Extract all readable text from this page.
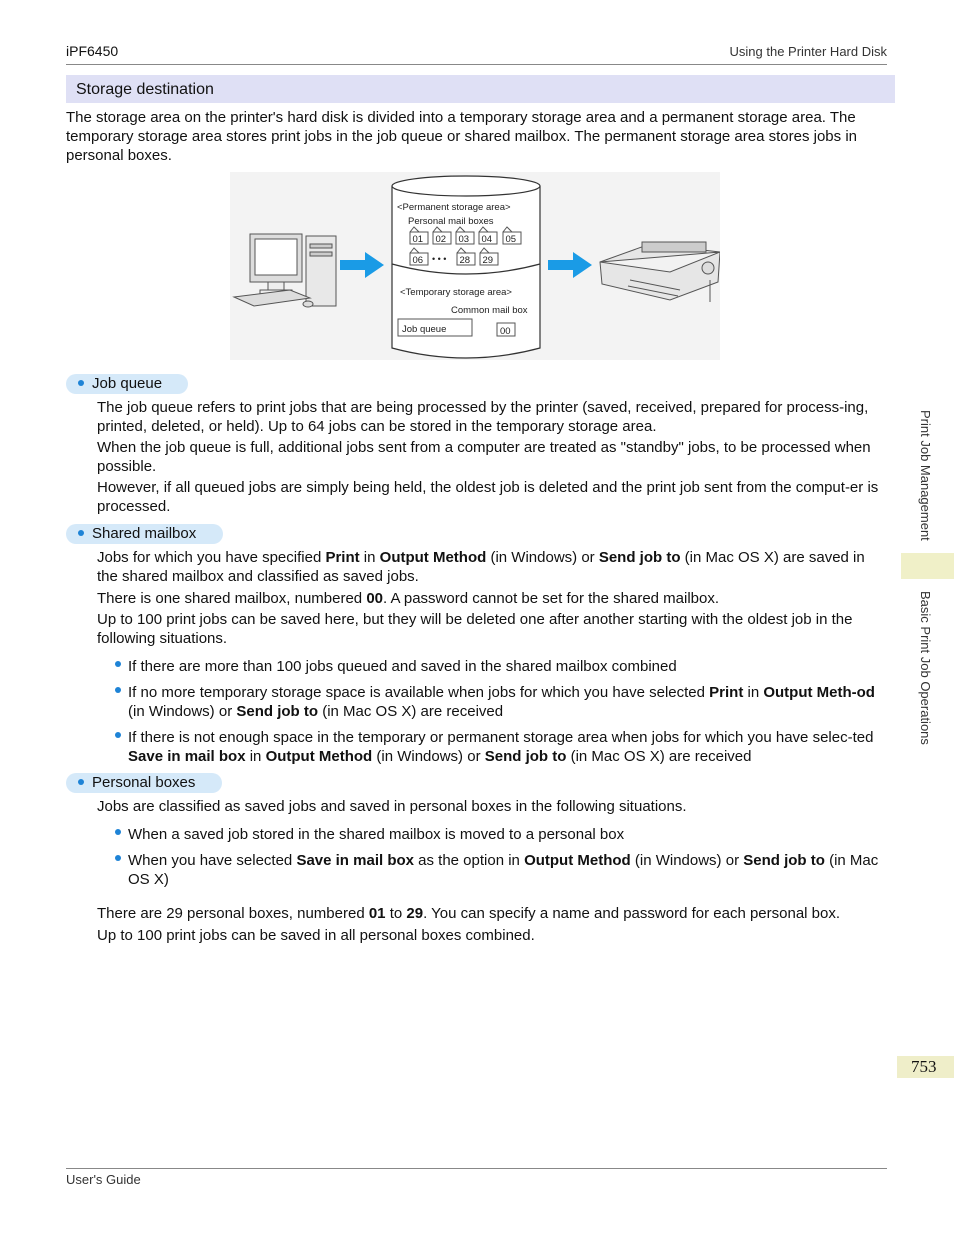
iPF6450	Using the Printer Hard Disk
Storage destination
The storage area on the printer's hard disk is divided into a temporary storage area and a permanent storage area. The temporary storage area stores print jobs in the job queue or shared mailbox. The permanent storage area stores jobs in personal boxes.
<Permanent storage area>
Personal mail boxes
01 02 03 04 05
06	28 29
• • •
<Temporary storage area>
Common mail box
Job queue	00
Job queue
The job queue refers to print jobs that are being processed by the printer (saved, received, prepared for process-ing, printed, deleted, or held). Up to 64 jobs can be stored in the temporary storage area.
When the job queue is full, additional jobs sent from a computer are treated as "standby" jobs, to be processed when possible.
However, if all queued jobs are simply being held, the oldest job is deleted and the print job sent from the comput-er is processed.
Shared mailbox
Jobs for which you have specified Print in Output Method (in Windows) or Send job to (in Mac OS X) are saved in the shared mailbox and classified as saved jobs.
There is one shared mailbox, numbered 00. A password cannot be set for the shared mailbox.
Up to 100 print jobs can be saved here, but they will be deleted one after another starting with the oldest job in the following situations.
If there are more than 100 jobs queued and saved in the shared mailbox combined
If no more temporary storage space is available when jobs for which you have selected Print in Output Meth-od (in Windows) or Send job to (in Mac OS X) are received
If there is not enough space in the temporary or permanent storage area when jobs for which you have selec-ted Save in mail box in Output Method (in Windows) or Send job to (in Mac OS X) are received
Personal boxes
Jobs are classified as saved jobs and saved in personal boxes in the following situations.
When a saved job stored in the shared mailbox is moved to a personal box
When you have selected Save in mail box as the option in Output Method (in Windows) or Send job to (in Mac OS X)
There are 29 personal boxes, numbered 01 to 29. You can specify a name and password for each personal box.
Up to 100 print jobs can be saved in all personal boxes combined.
Print Job Management
Basic Print Job Operations
753
User's Guide
